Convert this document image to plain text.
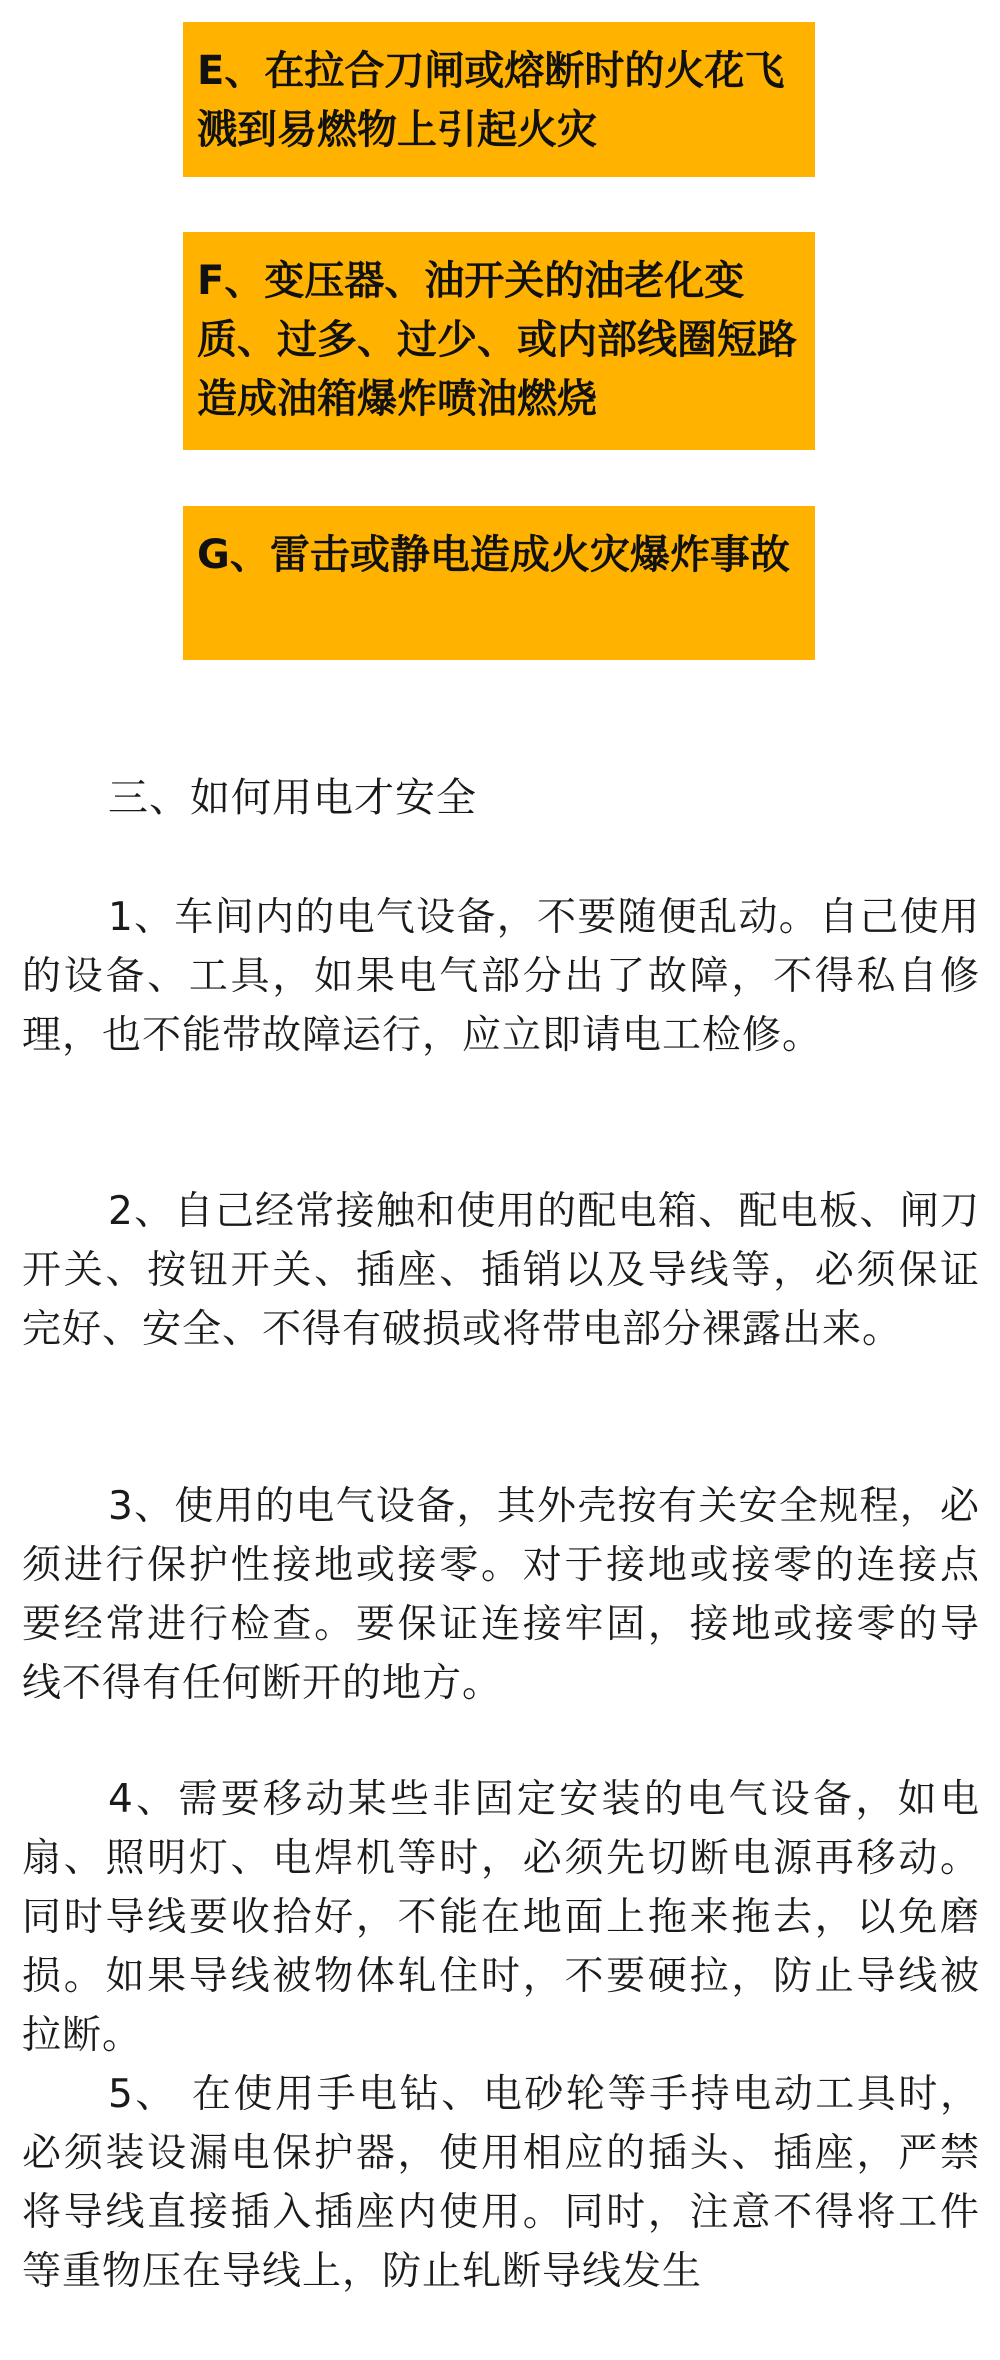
E、在拉合刀闸或熔断时的火花飞溅到易燃物上引起火灾
F、变压器、油开关的油老化变质、过多、过少、或内部线圈短路造成油箱爆炸喷油燃烧
G、雷击或静电造成火灾爆炸事故
三、如何用电才安全

1、车间内的电气设备，不要随便乱动。自己使用的设备、工具，如果电气部分出了故障，不得私自修理，也不能带故障运行，应立即请电工检修。

2、自己经常接触和使用的配电箱、配电板、闸刀开关、按钮开关、插座、插销以及导线等，必须保证完好、安全、不得有破损或将带电部分裸露出来。

3、使用的电气设备，其外壳按有关安全规程，必须进行保护性接地或接零。对于接地或接零的连接点要经常进行检查。要保证连接牢固，接地或接零的导线不得有任何断开的地方。

4、需要移动某些非固定安装的电气设备，如电扇、照明灯、电焊机等时，必须先切断电源再移动。同时导线要收拾好，不能在地面上拖来拖去，以免磨损。如果导线被物体轧住时，不要硬拉，防止导线被拉断。

5、 在使用手电钻、电砂轮等手持电动工具时，必须装设漏电保护器，使用相应的插头、插座，严禁将导线直接插入插座内使用。同时，注意不得将工件等重物压在导线上，防止轧断导线发生
